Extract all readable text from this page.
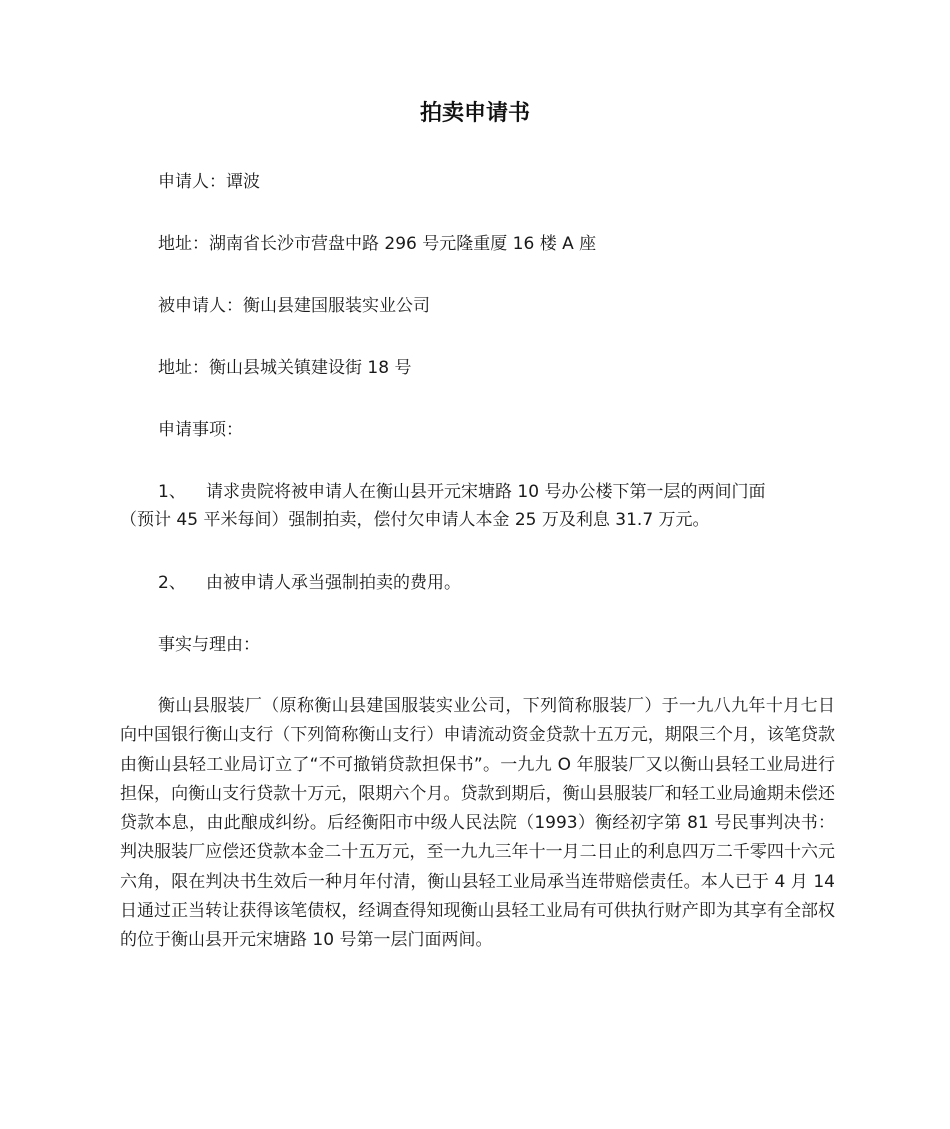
拍卖申请书
申请人：谭波
地址：湖南省长沙市营盘中路 296 号元隆重厦 16 楼 A 座
被申请人：衡山县建国服装实业公司
地址：衡山县城关镇建设街 18 号
申请事项：
1、 请求贵院将被申请人在衡山县开元宋塘路 10 号办公楼下第一层的两间门面
（预计 45 平米每间）强制拍卖，偿付欠申请人本金 25 万及利息 31.7 万元。
2、 由被申请人承当强制拍卖的费用。
事实与理由：
衡山县服装厂（原称衡山县建国服装实业公司，下列简称服装厂）于一九八九年十月七日向中国银行衡山支行（下列简称衡山支行）申请流动资金贷款十五万元，期限三个月，该笔贷款由衡山县轻工业局订立了“不可撤销贷款担保书”。一九九 O 年服装厂又以衡山县轻工业局进行担保，向衡山支行贷款十万元，限期六个月。贷款到期后，衡山县服装厂和轻工业局逾期未偿还贷款本息，由此酿成纠纷。后经衡阳市中级人民法院（1993）衡经初字第 81 号民事判决书：判决服装厂应偿还贷款本金二十五万元，至一九九三年十一月二日止的利息四万二千零四十六元六角，限在判决书生效后一种月年付清，衡山县轻工业局承当连带赔偿责任。本人已于 4 月 14 日通过正当转让获得该笔债权，经调查得知现衡山县轻工业局有可供执行财产即为其享有全部权的位于衡山县开元宋塘路 10 号第一层门面两间。
